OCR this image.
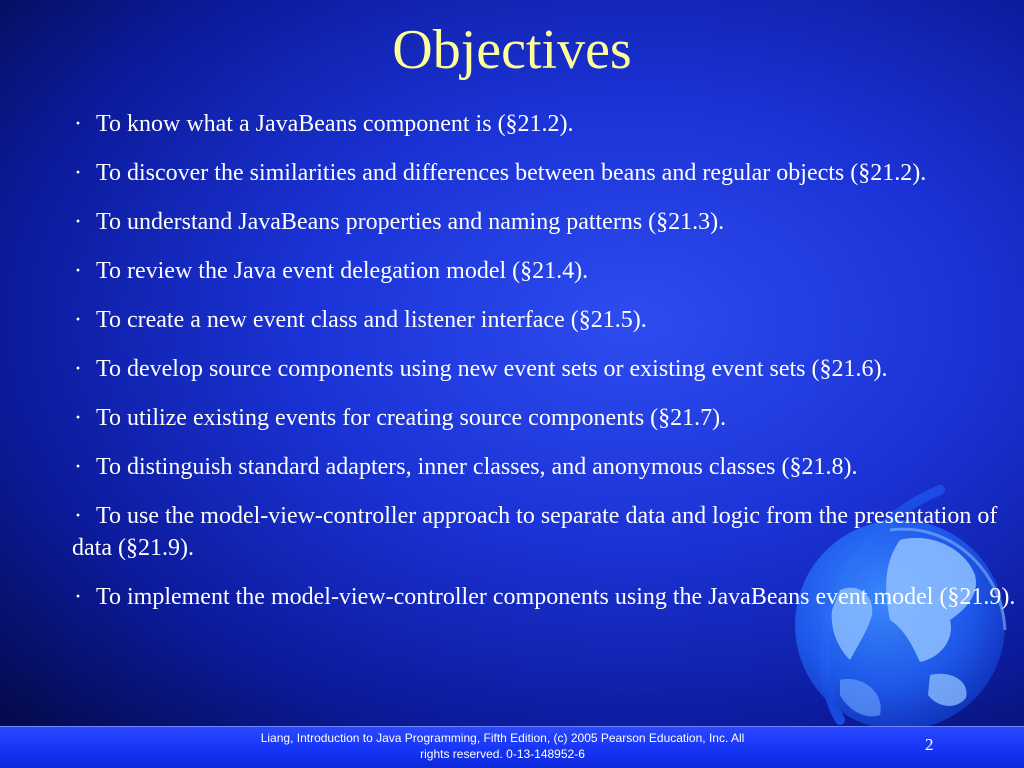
Objectives
· To know what a JavaBeans component is (§21.2).
· To discover the similarities and differences between beans and regular objects (§21.2).
· To understand JavaBeans properties and naming patterns (§21.3).
· To review the Java event delegation model (§21.4).
· To create a new event class and listener interface (§21.5).
· To develop source components using new event sets or existing event sets (§21.6).
· To utilize existing events for creating source components (§21.7).
· To distinguish standard adapters, inner classes, and anonymous classes (§21.8).
· To use the model-view-controller approach to separate data and logic from the presentation of data (§21.9).
· To implement the model-view-controller components using the JavaBeans event model (§21.9).
Liang, Introduction to Java Programming, Fifth Edition, (c) 2005 Pearson Education, Inc. All
rights reserved. 0-13-148952-6	2
